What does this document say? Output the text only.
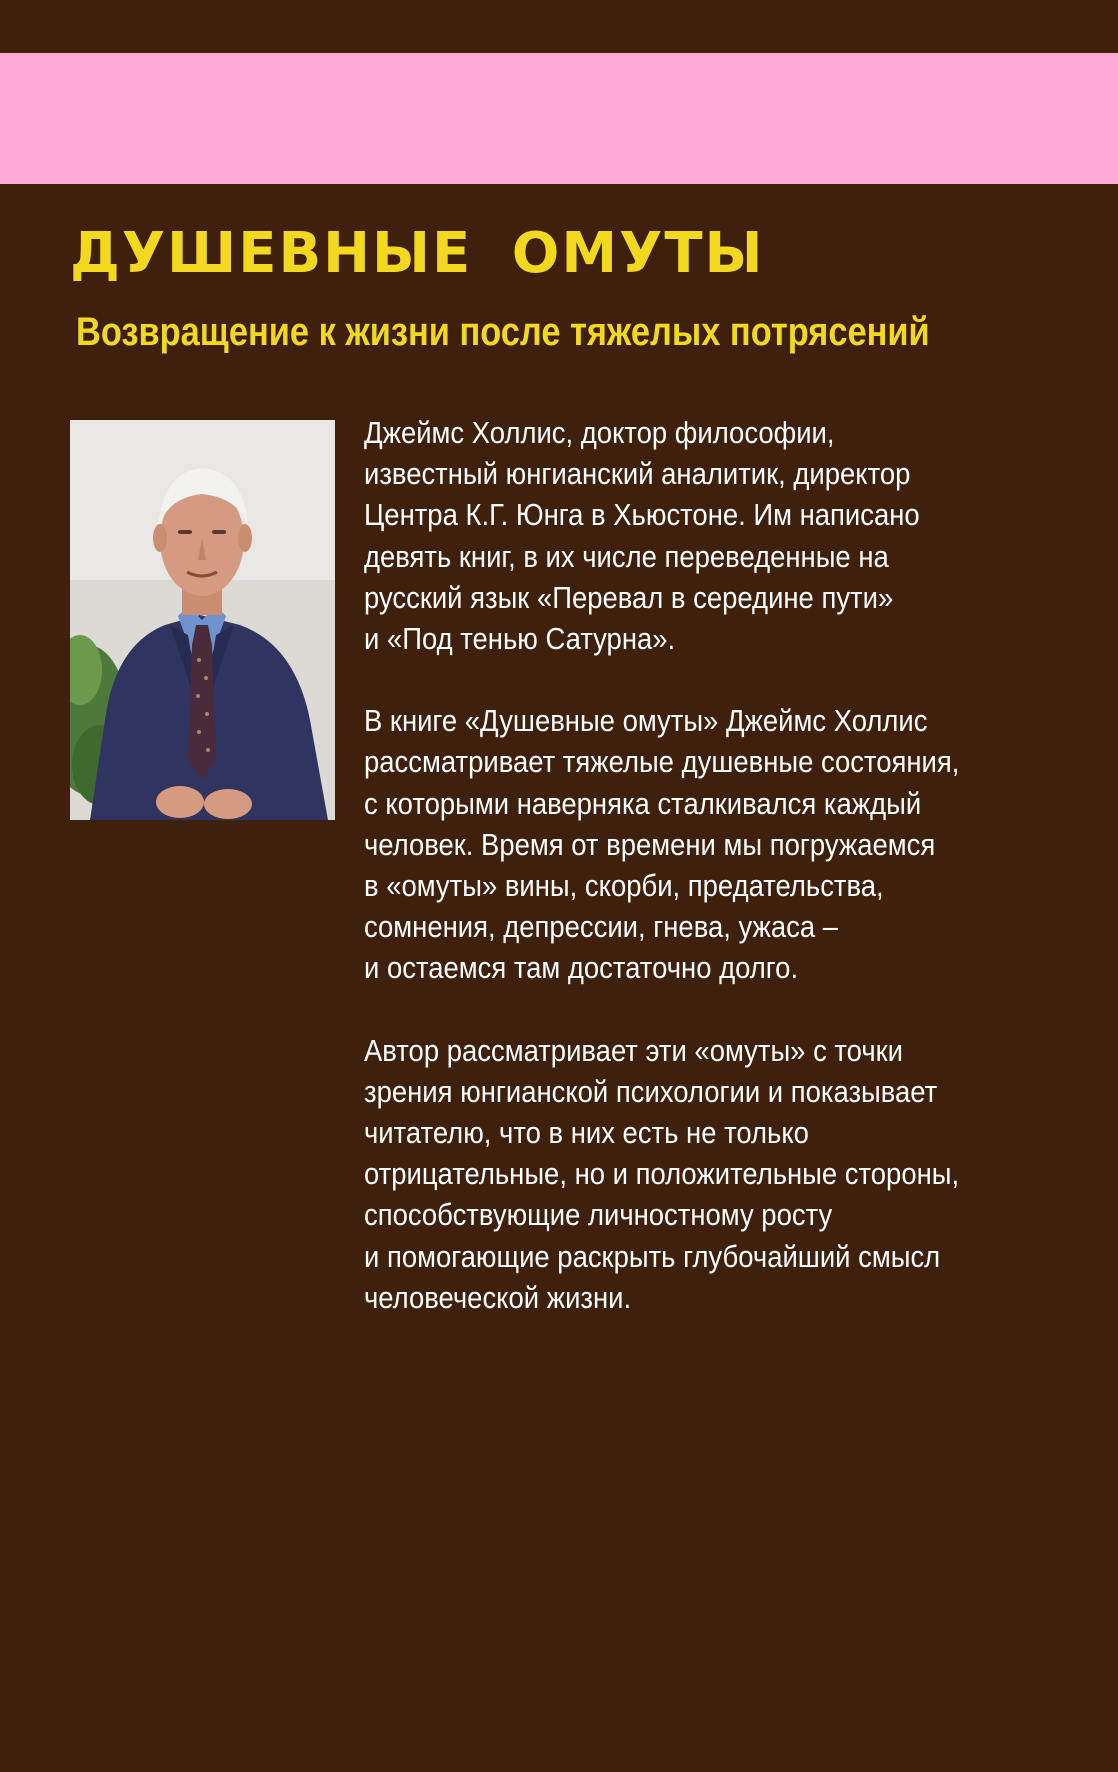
ДУШЕВНЫЕ ОМУТЫ
Возвращение к жизни после тяжелых потрясений

Джеймс Холлис, доктор философии,
известный юнгианский аналитик, директор
Центра К.Г. Юнга в Хьюстоне. Им написано
девять книг, в их числе переведенные на
русский язык «Перевал в середине пути»
и «Под тенью Сатурна».

В книге «Душевные омуты» Джеймс Холлис
рассматривает тяжелые душевные состояния,
с которыми наверняка сталкивался каждый
человек. Время от времени мы погружаемся
в «омуты» вины, скорби, предательства,
сомнения, депрессии, гнева, ужаса –
и остаемся там достаточно долго.

Автор рассматривает эти «омуты» с точки
зрения юнгианской психологии и показывает
читателю, что в них есть не только
отрицательные, но и положительные стороны,
способствующие личностному росту
и помогающие раскрыть глубочайший смысл
человеческой жизни.
